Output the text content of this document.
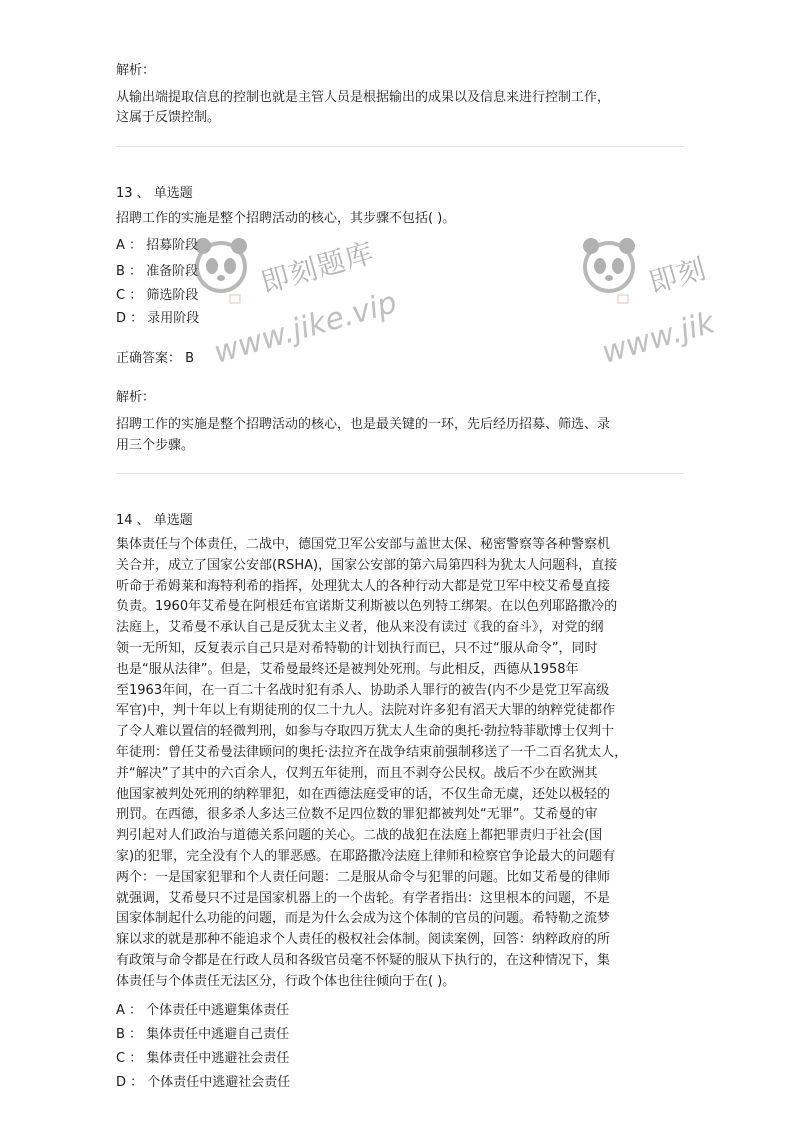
解析：
从输出端提取信息的控制也就是主管人员是根据输出的成果以及信息来进行控制工作，
这属于反馈控制。
13 、 单选题
招聘工作的实施是整个招聘活动的核心，其步骤不包括( )。
A ： 招募阶段
B ： 准备阶段
C ： 筛选阶段
D ： 录用阶段
正确答案： B
解析：
招聘工作的实施是整个招聘活动的核心，也是最关键的一环，先后经历招募、筛选、录
用三个步骤。
14 、 单选题
集体责任与个体责任，二战中，德国党卫军公安部与盖世太保、秘密警察等各种警察机
关合并，成立了国家公安部(RSHA)，国家公安部的第六局第四科为犹太人问题科，直接
听命于希姆莱和海特利希的指挥，处理犹太人的各种行动大都是党卫军中校艾希曼直接
负责。1960年艾希曼在阿根廷布宜诺斯艾利斯被以色列特工绑架。在以色列耶路撒冷的
法庭上，艾希曼不承认自己是反犹太主义者，他从来没有读过《我的奋斗》，对党的纲
领一无所知，反复表示自己只是对希特勒的计划执行而已，只不过“服从命令”，同时
也是“服从法律”。但是，艾希曼最终还是被判处死刑。与此相反，西德从1958年
至1963年间，在一百二十名战时犯有杀人、协助杀人罪行的被告(内不少是党卫军高级
军官)中，判十年以上有期徒刑的仅二十九人。法院对许多犯有滔天大罪的纳粹党徒都作
了令人难以置信的轻微判刑，如参与夺取四万犹太人生命的奥托·勃拉特菲歇博士仅判十
年徒刑：曾任艾希曼法律顾问的奥托·法拉齐在战争结束前强制移送了一千二百名犹太人，
并“解决”了其中的六百余人，仅判五年徒刑，而且不剥夺公民权。战后不少在欧洲其
他国家被判处死刑的纳粹罪犯，如在西德法庭受审的话，不仅生命无虞，还处以极轻的
刑罚。在西德，很多杀人多达三位数不足四位数的罪犯都被判处“无罪”。艾希曼的审
判引起对人们政治与道德关系问题的关心。二战的战犯在法庭上都把罪责归于社会(国
家)的犯罪，完全没有个人的罪恶感。在耶路撒冷法庭上律师和检察官争论最大的问题有
两个：一是国家犯罪和个人责任问题：二是服从命令与犯罪的问题。比如艾希曼的律师
就强调，艾希曼只不过是国家机器上的一个齿轮。有学者指出：这里根本的问题，不是
国家体制起什么功能的问题，而是为什么会成为这个体制的官员的问题。希特勒之流梦
寐以求的就是那种不能追求个人责任的极权社会体制。阅读案例，回答：纳粹政府的所
有政策与命令都是在行政人员和各级官员毫不怀疑的服从下执行的，在这种情况下，集
体责任与个体责任无法区分，行政个体也往往倾向于在( )。
A ： 个体责任中逃避集体责任
B ： 集体责任中逃避自己责任
C ： 集体责任中逃避社会责任
D ： 个体责任中逃避社会责任
即刻题库
www.jike.vip
即刻
www.jik
